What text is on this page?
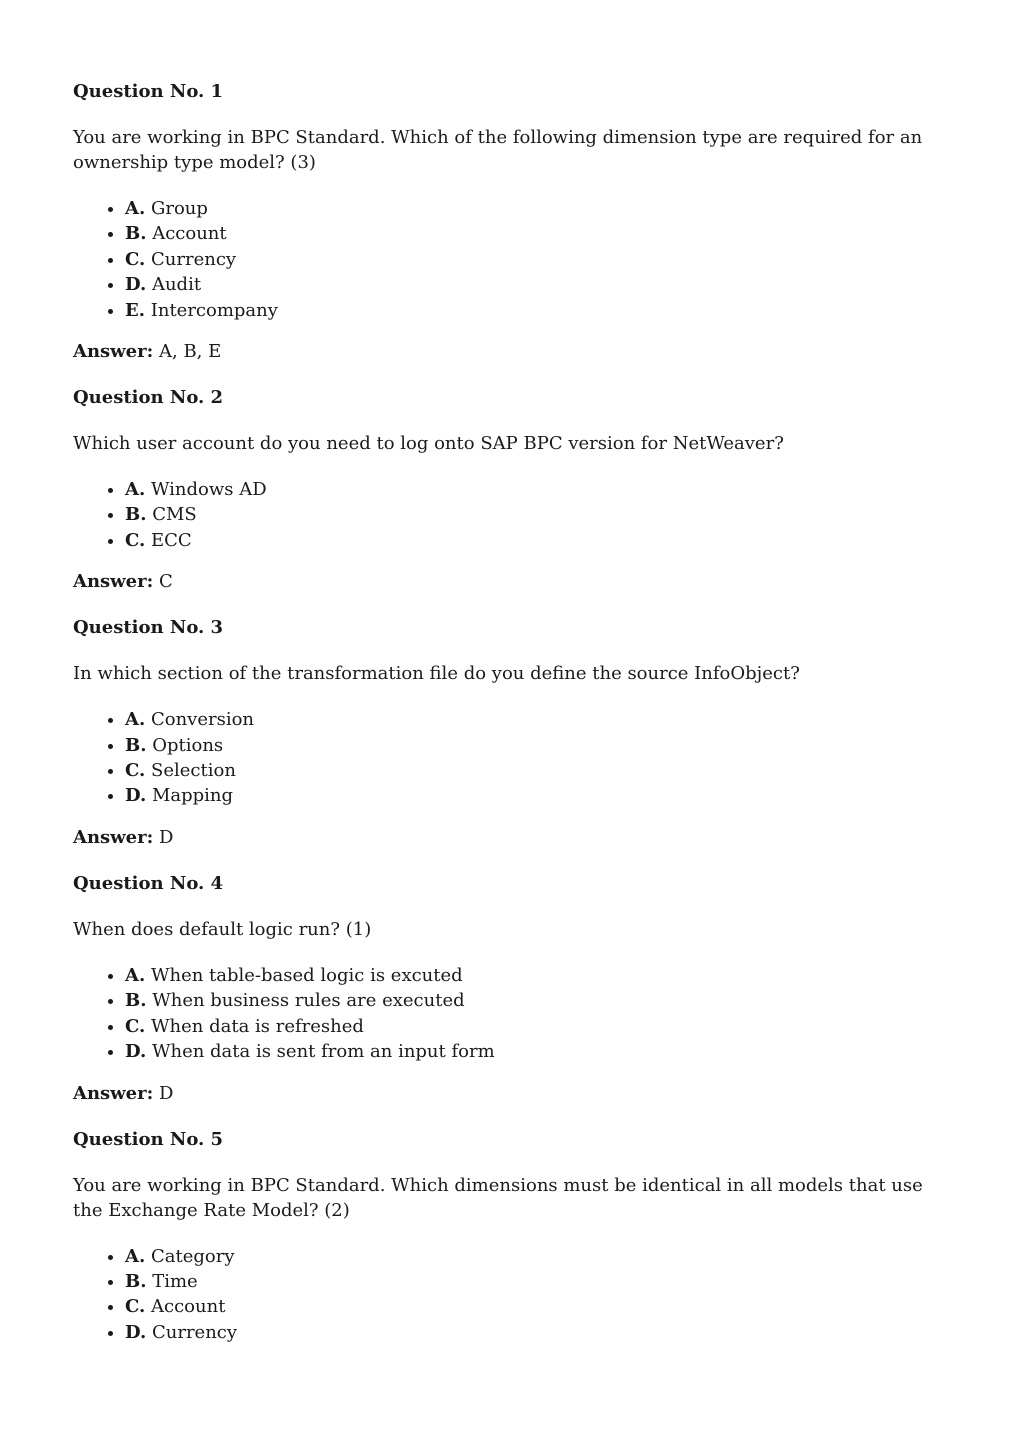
Question No. 1
You are working in BPC Standard. Which of the following dimension type are required for an ownership type model? (3)
• A. Group
• B. Account
• C. Currency
• D. Audit
• E. Intercompany
Answer: A, B, E
Question No. 2
Which user account do you need to log onto SAP BPC version for NetWeaver?
• A. Windows AD
• B. CMS
• C. ECC
Answer: C
Question No. 3
In which section of the transformation file do you define the source InfoObject?
• A. Conversion
• B. Options
• C. Selection
• D. Mapping
Answer: D
Question No. 4
When does default logic run? (1)
• A. When table-based logic is excuted
• B. When business rules are executed
• C. When data is refreshed
• D. When data is sent from an input form
Answer: D
Question No. 5
You are working in BPC Standard. Which dimensions must be identical in all models that use the Exchange Rate Model? (2)
• A. Category
• B. Time
• C. Account
• D. Currency
